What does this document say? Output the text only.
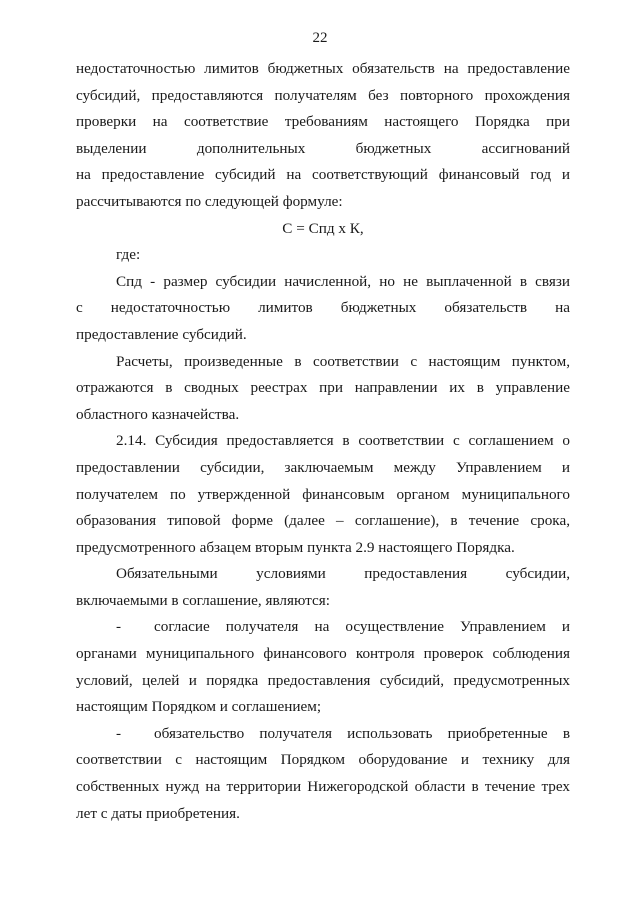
22

недостаточностью лимитов бюджетных обязательств на предоставление

субсидий, предоставляются получателям без повторного прохождения

проверки на соответствие требованиям настоящего Порядка при

выделении дополнительных бюджетных ассигнований

на предоставление субсидий на соответствующий финансовый год и

рассчитываются по следующей формуле:

С = Спд х К,

где:

Спд - размер субсидии начисленной, но не выплаченной в связи

с недостаточностью лимитов бюджетных обязательств на

предоставление субсидий.

Расчеты, произведенные в соответствии с настоящим пунктом, отражаются в сводных реестрах при направлении их в управление областного казначейства.

2.14. Субсидия предоставляется в соответствии с соглашением о предоставлении субсидии, заключаемым между Управлением и получателем по утвержденной финансовым органом муниципального образования типовой форме (далее – соглашение), в течение срока, предусмотренного абзацем вторым пункта 2.9 настоящего Порядка.

Обязательными условиями предоставления субсидии,

включаемыми в соглашение, являются:

- согласие получателя на осуществление Управлением и органами муниципального финансового контроля проверок соблюдения условий, целей и порядка предоставления субсидий, предусмотренных настоящим Порядком и соглашением;

- обязательство получателя использовать приобретенные в соответствии с настоящим Порядком оборудование и технику для собственных нужд на территории Нижегородской области в течение трех лет с даты приобретения.
